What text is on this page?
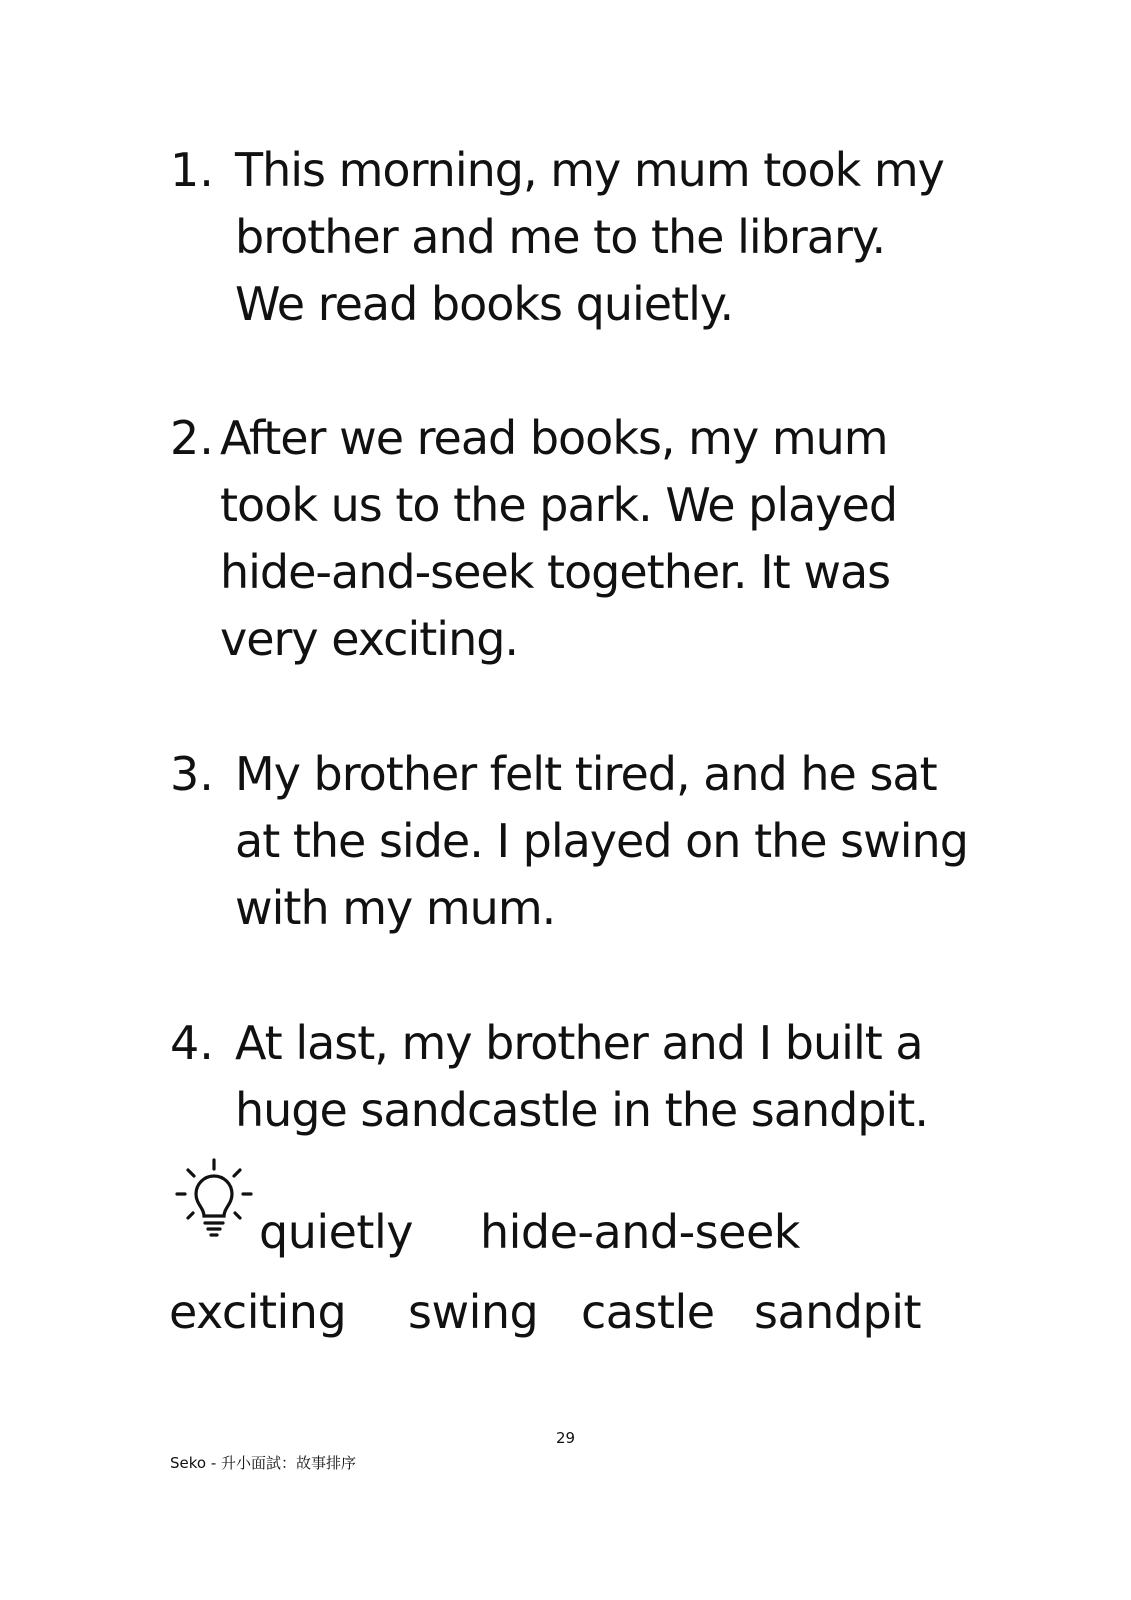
1. This morning, my mum took my
brother and me to the library.
We read books quietly.
2. After we read books, my mum
took us to the park. We played
hide-and-seek together. It was
very exciting.
3. My brother felt tired, and he sat
at the side. I played on the swing
with my mum.
4. At last, my brother and I built a
huge sandcastle in the sandpit.
quietly hide-and-seek
exciting swing castle sandpit
29
Seko - 升小面試：故事排序
